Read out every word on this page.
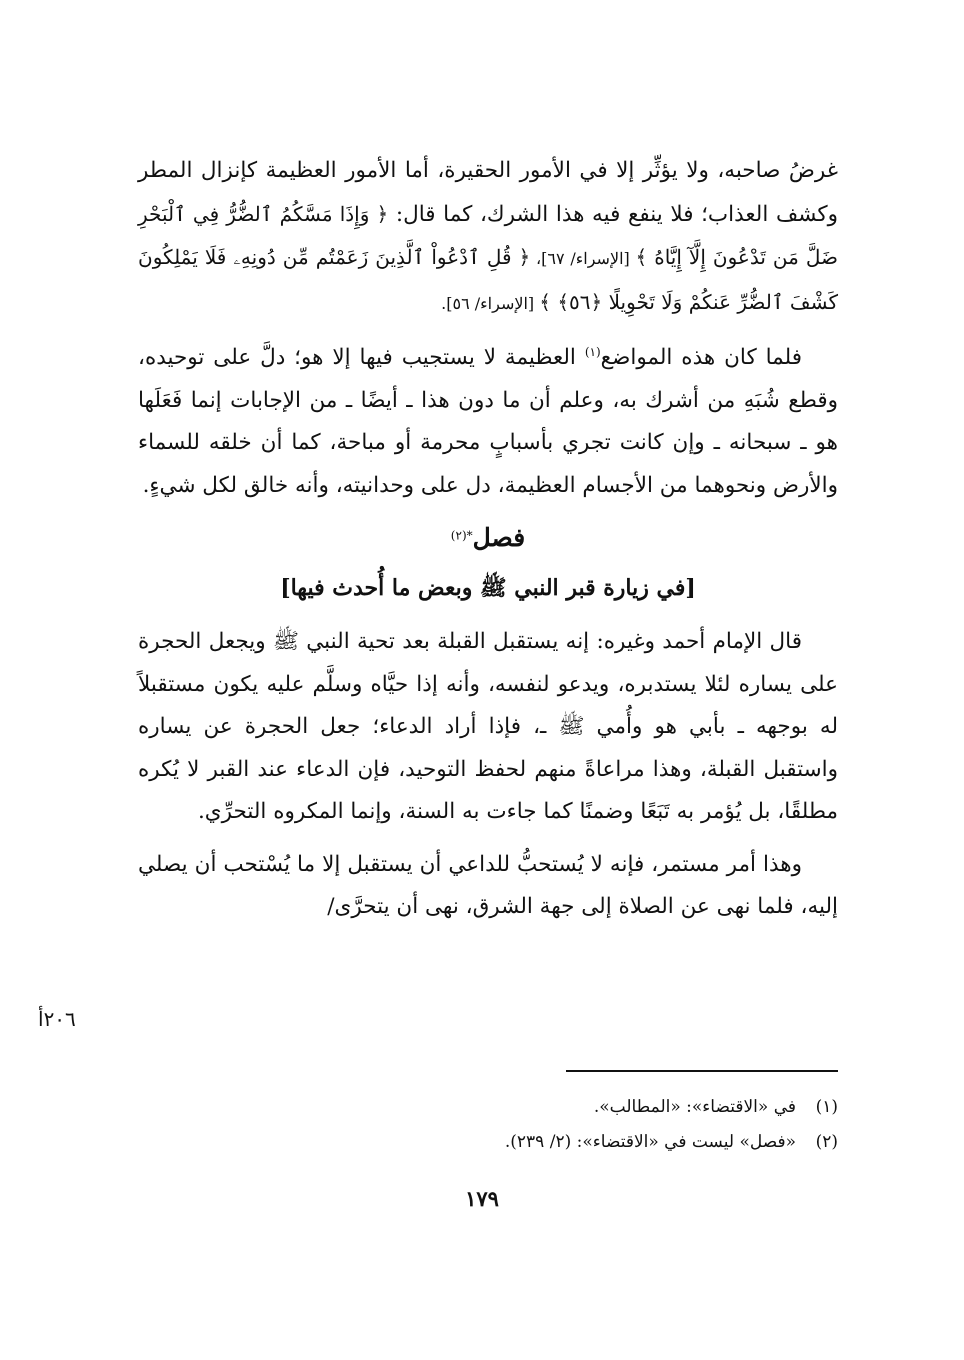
غرضُ صاحبه، ولا يؤثِّر إلا في الأمور الحقيرة، أما الأمور العظيمة كإنزال المطر وكشف العذاب؛ فلا ينفع فيه هذا الشرك، كما قال: ﴿ وَإِذَا مَسَّكُمُ ٱلضُّرُّ فِي ٱلْبَحْرِ ضَلَّ مَن تَدْعُونَ إِلَّآ إِيَّاهُ ﴾ [الإسراء/ ٦٧]، ﴿ قُلِ ٱدْعُواْ ٱلَّذِينَ زَعَمْتُم مِّن دُونِهِۦ فَلَا يَمْلِكُونَ كَشْفَ ٱلضُّرِّ عَنكُمْ وَلَا تَحْوِيلًا ﴿٥٦﴾ ﴾ [الإسراء/ ٥٦].

فلما كان هذه المواضع$^{(١)}$ العظيمة لا يستجيب فيها إلا هو؛ دلَّ على توحيده، وقطع شُبَهِ من أشرك به، وعلم أن ما دون هذا ـ أيضًا ـ من الإجابات إنما فَعَلَها هو ـ سبحانه ـ وإن كانت تجري بأسبابٍ محرمة أو مباحة، كما أن خلقه للسماء والأرض ونحوهما من الأجسام العظيمة، دل على وحدانيته، وأنه خالق لكل شيءٍ.

فصل$^{*(٢)}$
[في زيارة قبر النبي ﷺ وبعض ما أُحدث فيها]

قال الإمام أحمد وغيره: إنه يستقبل القبلة بعد تحية النبي ﷺ ويجعل الحجرة على يساره لئلا يستدبره، ويدعو لنفسه، وأنه إذا حيَّاه وسلَّم عليه يكون مستقبلاً له بوجهه ـ بأبي هو وأُمي ﷺ ـ، فإذا أراد الدعاء؛ جعل الحجرة عن يساره واستقبل القبلة، وهذا مراعاةً منهم لحفظ التوحيد، فإن الدعاء عند القبر لا يُكره مطلقًا، بل يُؤمر به تَبَعًا وضمنًا كما جاءت به السنة، وإنما المكروه التحرِّي.

وهذا أمر مستمر، فإنه لا يُستحبُّ للداعي أن يستقبل إلا ما يُسْتحب أن يصلي إليه، فلما نهى عن الصلاة إلى جهة الشرق، نهى أن يتحرَّى/

٢٠٦أ
(١)في «الاقتضاء»: «المطالب».
(٢)«فصل» ليست في «الاقتضاء»: (٢/ ٢٣٩).
١٧٩
